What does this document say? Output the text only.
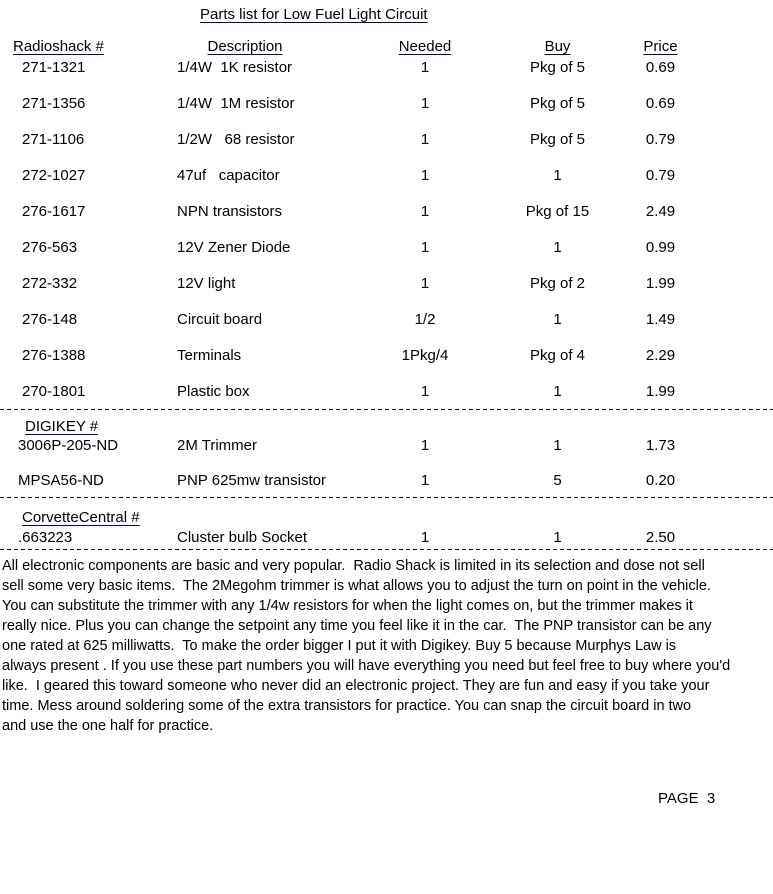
Parts list for Low Fuel Light Circuit
Radioshack #	Description	Needed	Buy	Price
271-1321	1/4W  1K resistor	1	Pkg of 5	0.69
271-1356	1/4W  1M resistor	1	Pkg of 5	0.69
271-1106	1/2W   68 resistor	1	Pkg of 5	0.79
272-1027	47uf   capacitor	1	1	0.79
276-1617	NPN transistors	1	Pkg of 15	2.49
276-563	12V Zener Diode	1	1	0.99
272-332	12V light	1	Pkg of 2	1.99
276-148	Circuit board	1/2	1	1.49
276-1388	Terminals	1Pkg/4	Pkg of 4	2.29
270-1801	Plastic box	1	1	1.99
DIGIKEY #
3006P-205-ND	2M Trimmer	1	1	1.73
MPSA56-ND	PNP 625mw transistor	1	5	0.20
CorvetteCentral #
.663223	Cluster bulb Socket	1	1	2.50
All electronic components are basic and very popular.  Radio Shack is limited in its selection and dose not sell
sell some very basic items.  The 2Megohm trimmer is what allows you to adjust the turn on point in the vehicle.
You can substitute the trimmer with any 1/4w resistors for when the light comes on, but the trimmer makes it
really nice. Plus you can change the setpoint any time you feel like it in the car.  The PNP transistor can be any
one rated at 625 milliwatts.  To make the order bigger I put it with Digikey. Buy 5 because Murphys Law is
always present . If you use these part numbers you will have everything you need but feel free to buy where you'd
like.  I geared this toward someone who never did an electronic project. They are fun and easy if you take your
time. Mess around soldering some of the extra transistors for practice. You can snap the circuit board in two
and use the one half for practice.
PAGE  3
